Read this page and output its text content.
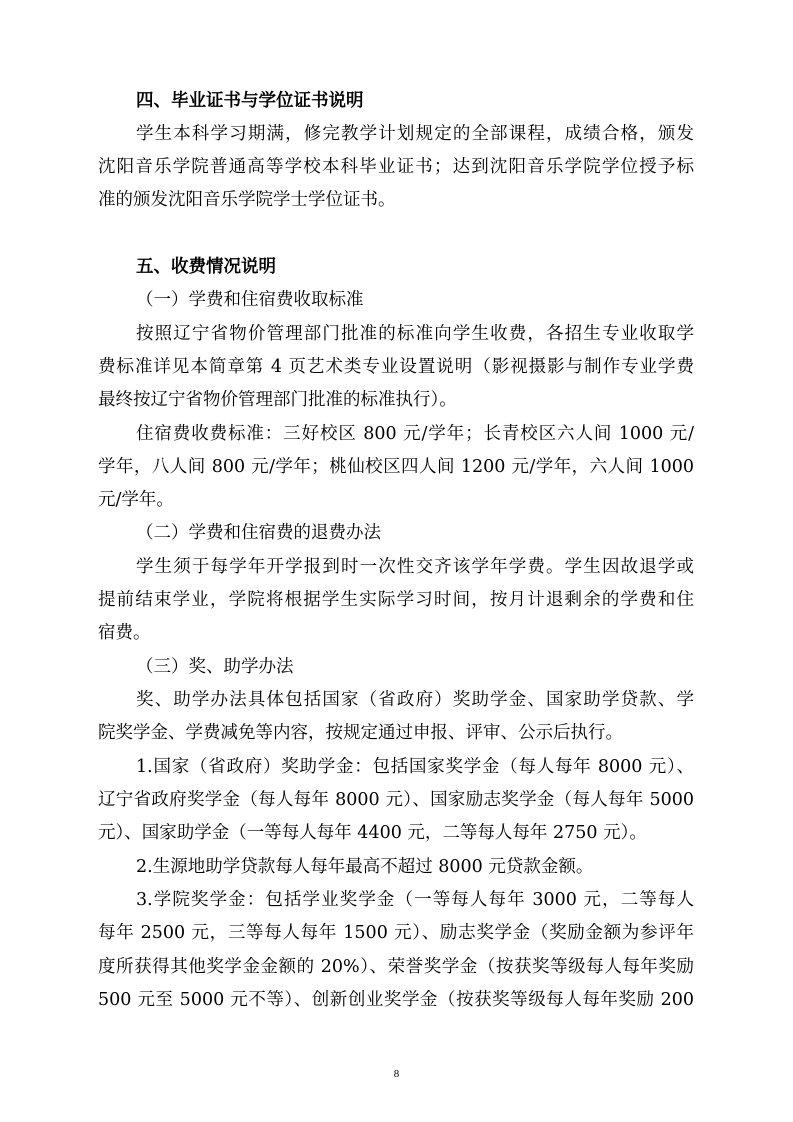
四、毕业证书与学位证书说明
学生本科学习期满，修完教学计划规定的全部课程，成绩合格，颁发
沈阳音乐学院普通高等学校本科毕业证书；达到沈阳音乐学院学位授予标
准的颁发沈阳音乐学院学士学位证书。
五、收费情况说明
（一）学费和住宿费收取标准
按照辽宁省物价管理部门批准的标准向学生收费，各招生专业收取学
费标准详见本简章第 4 页艺术类专业设置说明（影视摄影与制作专业学费
最终按辽宁省物价管理部门批准的标准执行）。
住宿费收费标准：三好校区 800 元/学年；长青校区六人间 1000 元/
学年，八人间 800 元/学年；桃仙校区四人间 1200 元/学年，六人间 1000
元/学年。
（二）学费和住宿费的退费办法
学生须于每学年开学报到时一次性交齐该学年学费。学生因故退学或
提前结束学业，学院将根据学生实际学习时间，按月计退剩余的学费和住
宿费。
（三）奖、助学办法
奖、助学办法具体包括国家（省政府）奖助学金、国家助学贷款、学
院奖学金、学费减免等内容，按规定通过申报、评审、公示后执行。
1.国家（省政府）奖助学金：包括国家奖学金（每人每年 8000 元）、
辽宁省政府奖学金（每人每年 8000 元）、国家励志奖学金（每人每年 5000
元）、国家助学金（一等每人每年 4400 元，二等每人每年 2750 元）。
2.生源地助学贷款每人每年最高不超过 8000 元贷款金额。
3.学院奖学金：包括学业奖学金（一等每人每年 3000 元，二等每人
每年 2500 元，三等每人每年 1500 元）、励志奖学金（奖励金额为参评年
度所获得其他奖学金金额的 20%）、荣誉奖学金（按获奖等级每人每年奖励
500 元至 5000 元不等）、创新创业奖学金（按获奖等级每人每年奖励 200
8
